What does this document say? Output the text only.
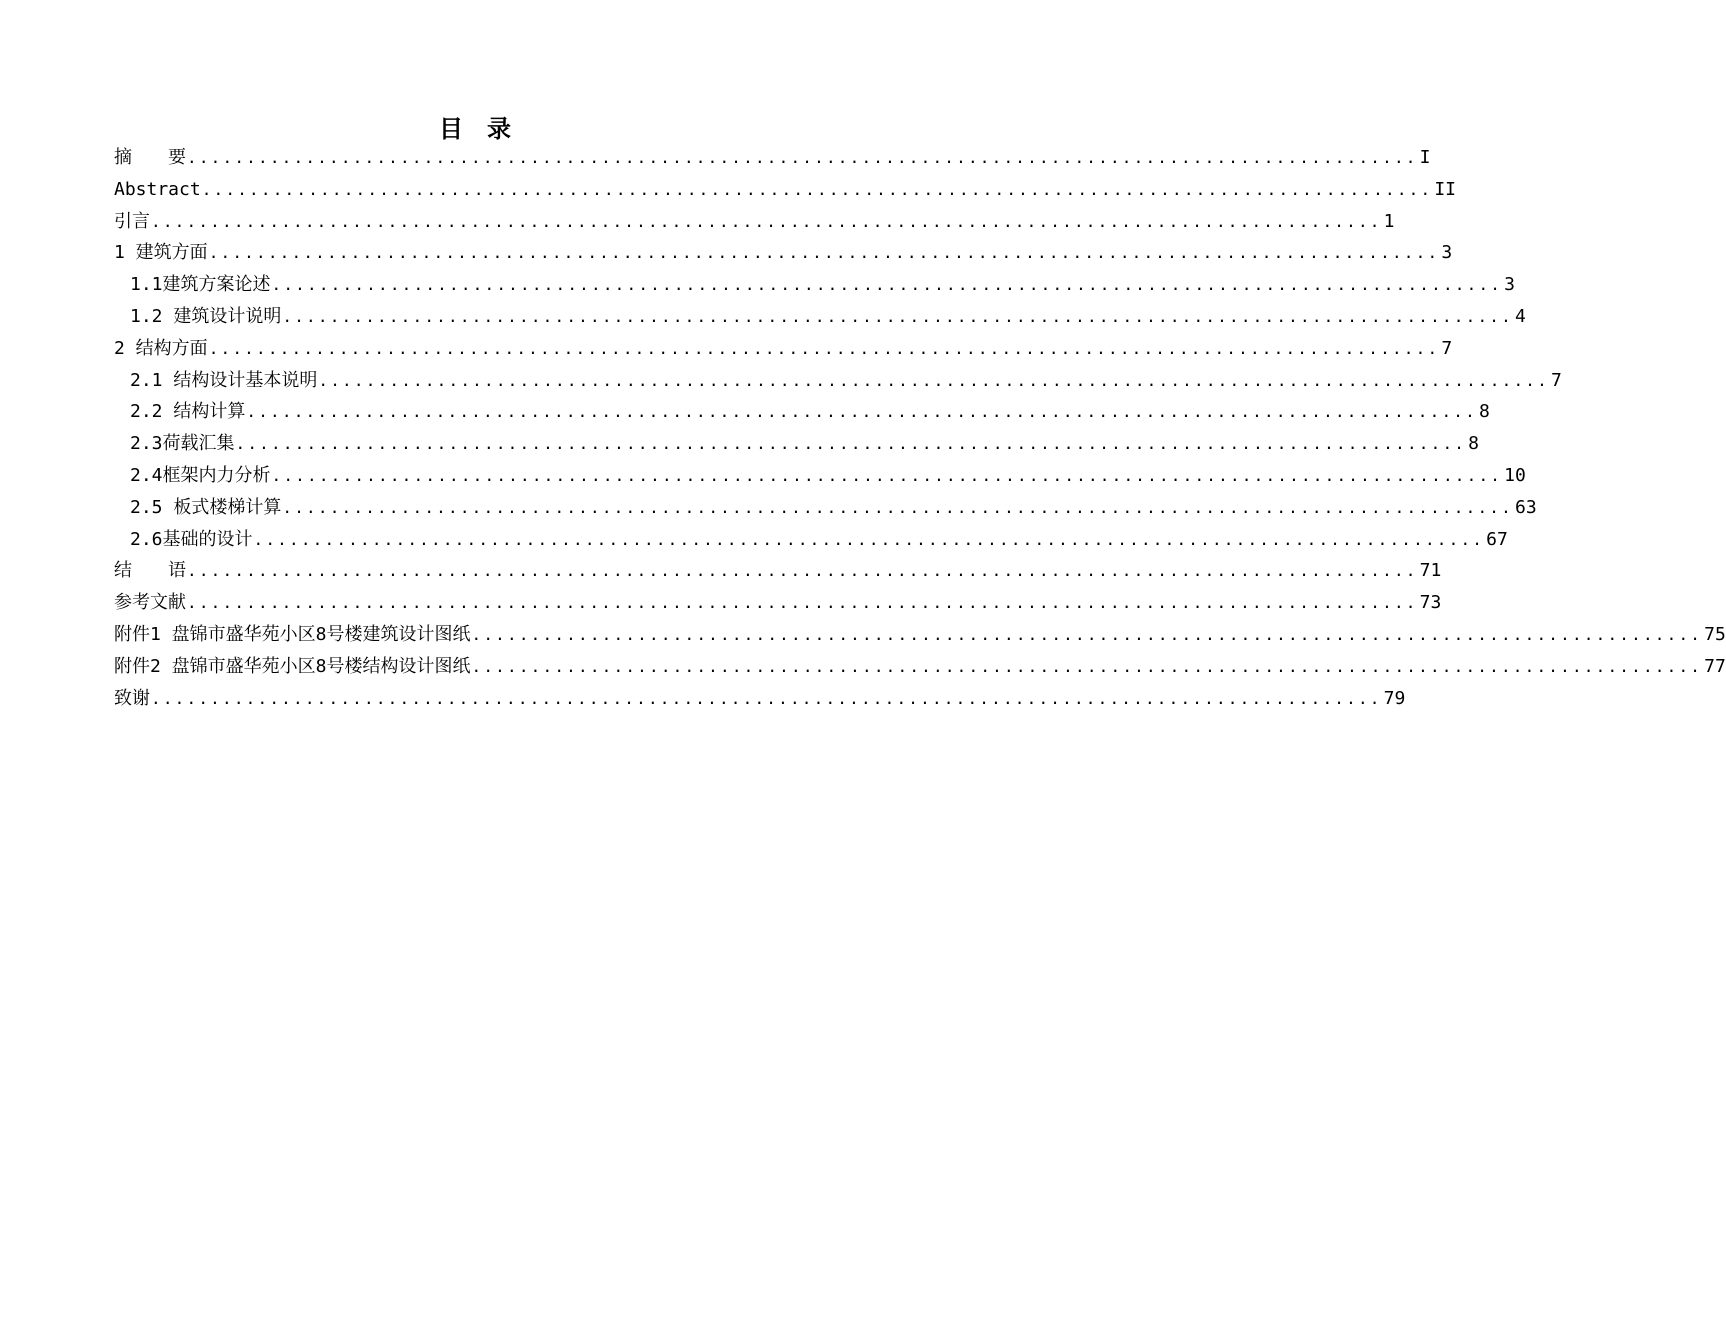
目　录
摘　　要 ........................................................................................................ I
Abstract ........................................................................................................ II
引言 ........................................................................................................ 1
1 建筑方面 ........................................................................................................ 3
1.1建筑方案论述 ........................................................................................................ 3
1.2 建筑设计说明 ........................................................................................................ 4
2 结构方面 ........................................................................................................ 7
2.1 结构设计基本说明 ........................................................................................................ 7
2.2 结构计算 ........................................................................................................ 8
2.3荷载汇集 ........................................................................................................ 8
2.4框架内力分析 ........................................................................................................ 10
2.5 板式楼梯计算 ........................................................................................................ 63
2.6基础的设计 ........................................................................................................ 67
结　　语 ........................................................................................................ 71
参考文献 ........................................................................................................ 73
附件1 盘锦市盛华苑小区8号楼建筑设计图纸 ........................................................................................................ 75
附件2 盘锦市盛华苑小区8号楼结构设计图纸 ........................................................................................................ 77
致谢 ........................................................................................................ 79
